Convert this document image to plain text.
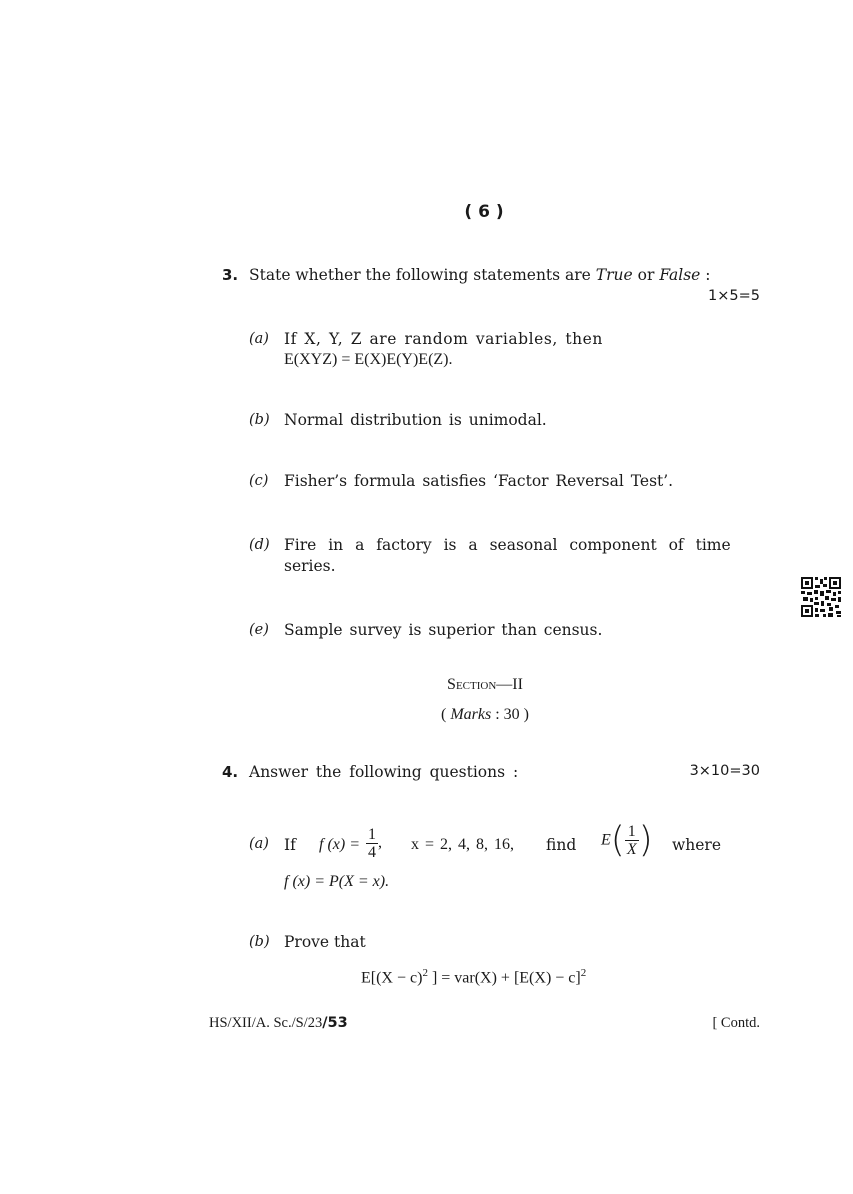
( 6 )
3. State whether the following statements are True or False :
1×5=5
(a) If X, Y, Z are random variables, then
E(XYZ) = E(X)E(Y)E(Z).
(b) Normal distribution is unimodal.
(c) Fisher’s formula satisfies ‘Factor Reversal Test’.
(d) Fire in a factory is a seasonal component of time
series.
(e) Sample survey is superior than census.
Section—II
( Marks : 30 )
4. Answer the following questions :	3×10=30
(a) If f $(x) = \frac{1}{4}$ , x = 2, 4, 8, 16, find $E( \frac{1}{X}$ ) where
f (x) = P(X = x).
(b) Prove that
$E[(X - c)^2$ ] = $var(X) + [E(X) - c]^2$
HS/XII/A. Sc./S/23/53	[ Contd.
